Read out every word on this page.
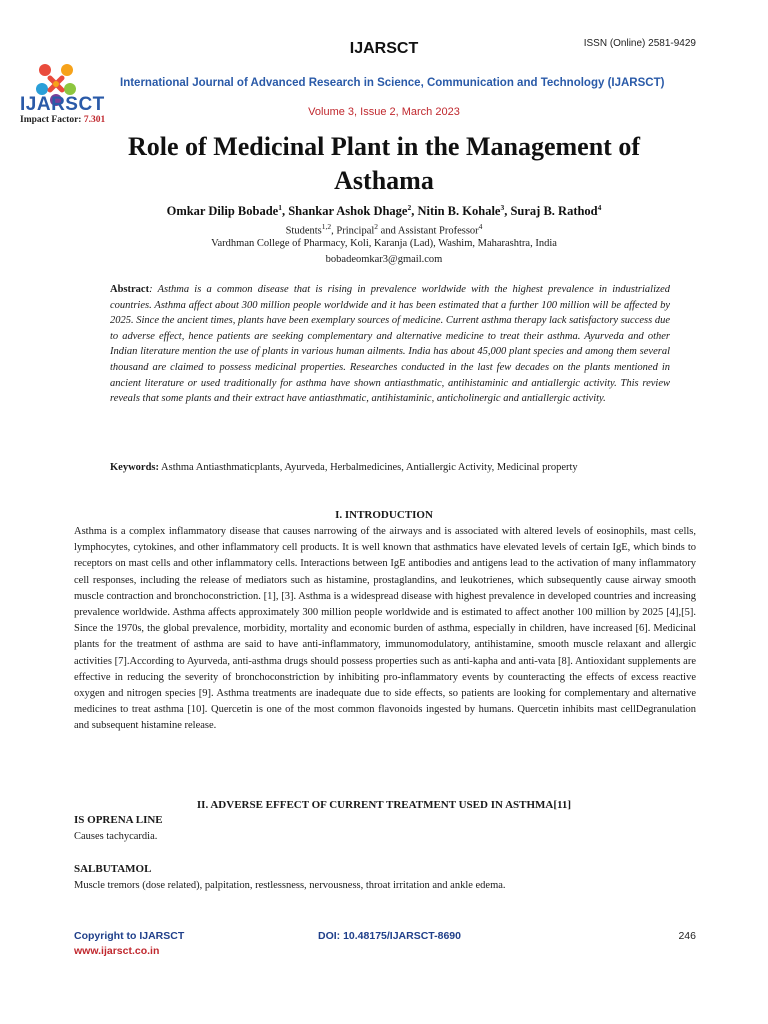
IJARSCT
Impact Factor: 7.301
IJARSCT	ISSN (Online) 2581-9429
International Journal of Advanced Research in Science, Communication and Technology (IJARSCT)
Volume 3, Issue 2, March 2023
Role of Medicinal Plant in the Management of Asthama
Omkar Dilip Bobade$^1$, Shankar Ashok Dhage$^2$, Nitin B. Kohale$^3$, Suraj B. Rathod$^4$
Students$^{1,2}$, Principal$^2$ and Assistant Professor$^4$
Vardhman College of Pharmacy, Koli, Karanja (Lad), Washim, Maharashtra, India
bobadeomkar3@gmail.com
Abstract: Asthma is a common disease that is rising in prevalence worldwide with the highest prevalence in industrialized countries. Asthma affect about 300 million people worldwide and it has been estimated that a further 100 million will be affected by 2025. Since the ancient times, plants have been exemplary sources of medicine. Current asthma therapy lack satisfactory success due to adverse effect, hence patients are seeking complementary and alternative medicine to treat their asthma. Ayurveda and other Indian literature mention the use of plants in various human ailments. India has about 45,000 plant species and among them several thousand are claimed to possess medicinal properties. Researches conducted in the last few decades on the plants mentioned in ancient literature or used traditionally for asthma have shown antiasthmatic, antihistaminic and antiallergic activity. This review reveals that some plants and their extract have antiasthmatic, antihistaminic, anticholinergic and antiallergic activity.
Keywords: Asthma Antiasthmaticplants, Ayurveda, Herbalmedicines, Antiallergic Activity, Medicinal property
I. INTRODUCTION
Asthma is a complex inflammatory disease that causes narrowing of the airways and is associated with altered levels of eosinophils, mast cells, lymphocytes, cytokines, and other inflammatory cell products. It is well known that asthmatics have elevated levels of certain IgE, which binds to receptors on mast cells and other inflammatory cells. Interactions between IgE antibodies and antigens lead to the activation of many inflammatory cell responses, including the release of mediators such as histamine, prostaglandins, and leukotrienes, which subsequently cause airway smooth muscle contraction and bronchoconstriction. [1], [3]. Asthma is a widespread disease with highest prevalence in developed countries and increasing prevalence worldwide. Asthma affects approximately 300 million people worldwide and is estimated to affect another 100 million by 2025 [4],[5]. Since the 1970s, the global prevalence, morbidity, mortality and economic burden of asthma, especially in children, have increased [6]. Medicinal plants for the treatment of asthma are said to have anti-inflammatory, immunomodulatory, antihistamine, smooth muscle relaxant and allergic activities [7].According to Ayurveda, anti-asthma drugs should possess properties such as anti-kapha and anti-vata [8]. Antioxidant supplements are effective in reducing the severity of bronchoconstriction by inhibiting pro-inflammatory events by counteracting the effects of excess reactive oxygen and nitrogen species [9]. Asthma treatments are inadequate due to side effects, so patients are looking for complementary and alternative medicines to treat asthma [10]. Quercetin is one of the most common flavonoids ingested by humans. Quercetin inhibits mast cellDegranulation and subsequent histamine release.
II. ADVERSE EFFECT OF CURRENT TREATMENT USED IN ASTHMA[11]
IS OPRENA LINE
Causes tachycardia.
SALBUTAMOL
Muscle tremors (dose related), palpitation, restlessness, nervousness, throat irritation and ankle edema.
Copyright to IJARSCT
www.ijarsct.co.in
DOI: 10.48175/IJARSCT-8690	246
